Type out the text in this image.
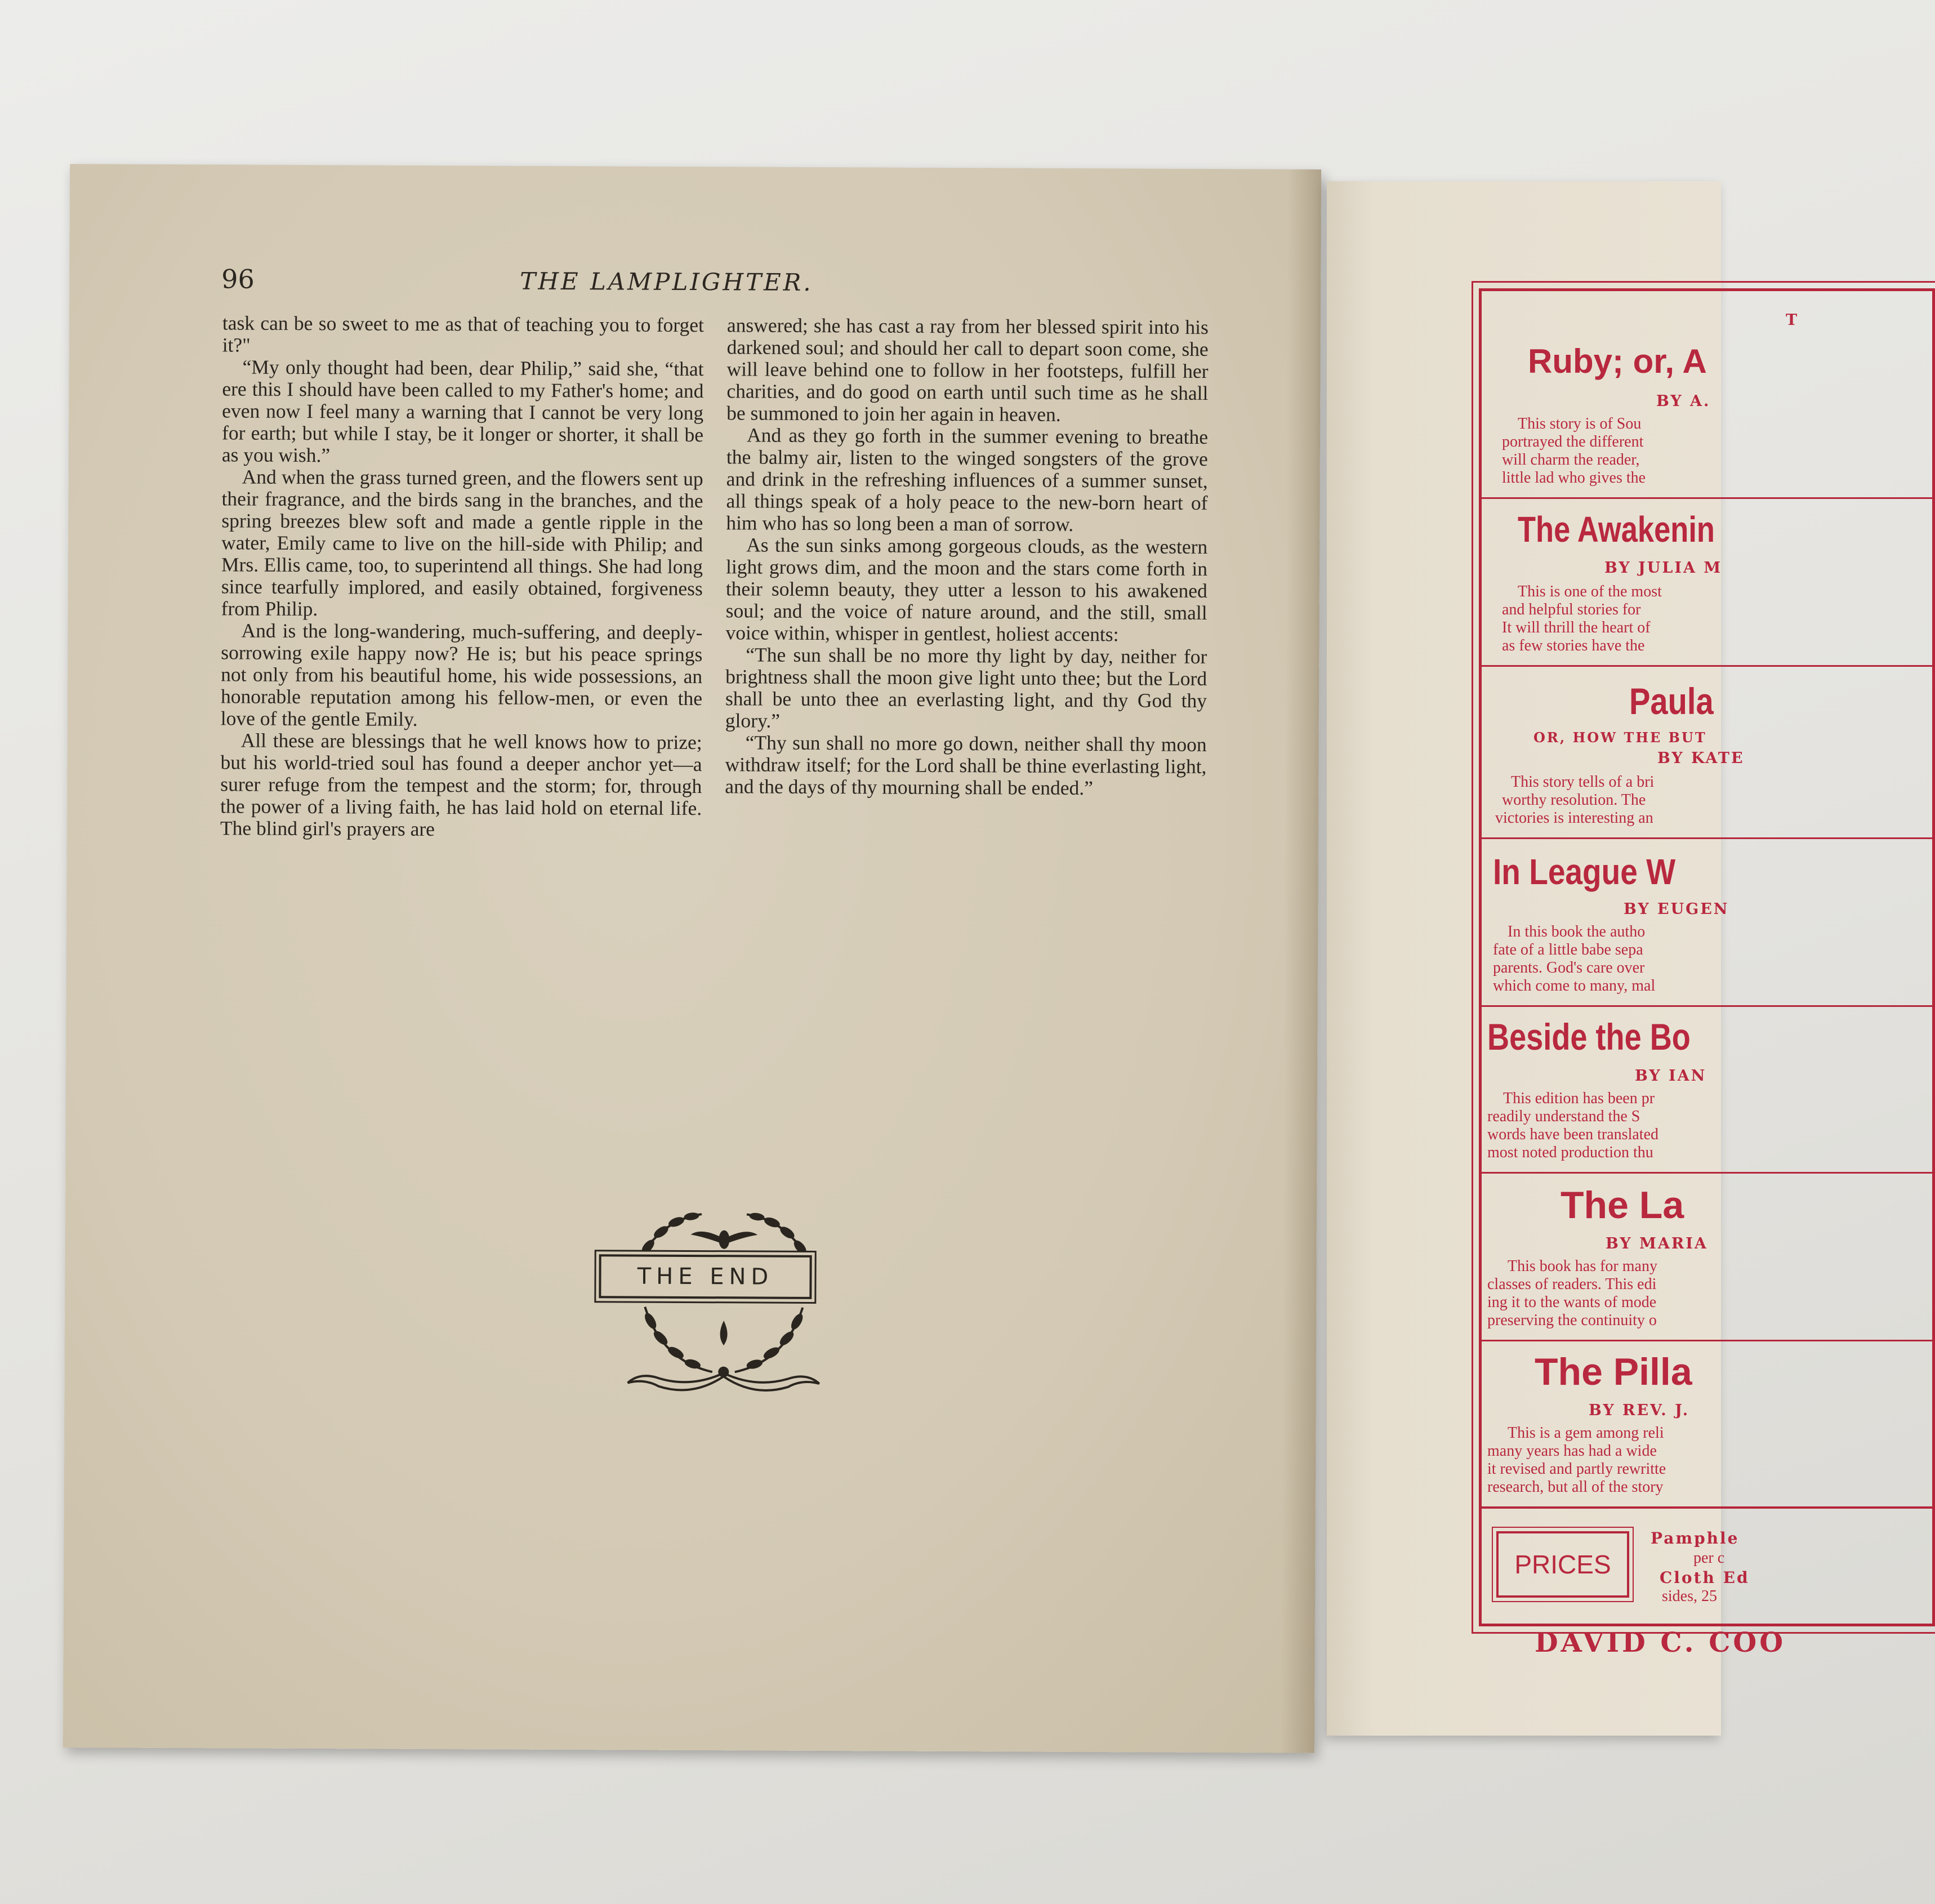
96	THE LAMPLIGHTER.

task can be so sweet to me as that of teaching you to forget it?"

“My only thought had been, dear Philip,” said she, “that ere this I should have been called to my Father's home; and even now I feel many a warning that I cannot be very long for earth; but while I stay, be it longer or shorter, it shall be as you wish.”

And when the grass turned green, and the flowers sent up their fragrance, and the birds sang in the branches, and the spring breezes blew soft and made a gentle ripple in the water, Emily came to live on the hill-side with Philip; and Mrs. Ellis came, too, to superintend all things. She had long since tearfully implored, and easily obtained, forgiveness from Philip.

And is the long-wandering, much-suffering, and deeply-sorrowing exile happy now? He is; but his peace springs not only from his beautiful home, his wide possessions, an honorable reputation among his fellow-men, or even the love of the gentle Emily.

All these are blessings that he well knows how to prize; but his world-tried soul has found a deeper anchor yet—a surer refuge from the tempest and the storm; for, through the power of a living faith, he has laid hold on eternal life. The blind girl's prayers are

answered; she has cast a ray from her blessed spirit into his darkened soul; and should her call to depart soon come, she will leave behind one to follow in her footsteps, fulfill her charities, and do good on earth until such time as he shall be summoned to join her again in heaven.

And as they go forth in the summer evening to breathe the balmy air, listen to the winged songsters of the grove and drink in the refreshing influences of a summer sunset, all things speak of a holy peace to the new-born heart of him who has so long been a man of sorrow.

As the sun sinks among gorgeous clouds, as the western light grows dim, and the moon and the stars come forth in their solemn beauty, they utter a lesson to his awakened soul; and the voice of nature around, and the still, small voice within, whisper in gentlest, holiest accents:

“The sun shall be no more thy light by day, neither for brightness shall the moon give light unto thee; but the Lord shall be unto thee an everlasting light, and thy God thy glory.”

“Thy sun shall no more go down, neither shall thy moon withdraw itself; for the Lord shall be thine everlasting light, and the days of thy mourning shall be ended.”

THE END
T
Ruby; or, A
BY A.
This story is of Sou
portrayed the different
will charm the reader,
little lad who gives the
The Awakenin
BY JULIA M
This is one of the most
and helpful stories for
It will thrill the heart of
as few stories have the
Paula
OR, HOW THE BUT
BY KATE
This story tells of a bri
worthy resolution. The
victories is interesting an
In League W
BY EUGEN
In this book the autho
fate of a little babe sepa
parents. God's care over
which come to many, mal
Beside the Bo
BY IAN
This edition has been pr
readily understand the S
words have been translated
most noted production thu
The La
BY MARIA
This book has for many
classes of readers. This edi
ing it to the wants of mode
preserving the continuity o
The Pilla
BY REV. J.
This is a gem among reli
many years has had a wide
it revised and partly rewritte
research, but all of the story
PRICES
Pamphle
per c
Cloth Ed
sides, 25
DAVID C. COO
